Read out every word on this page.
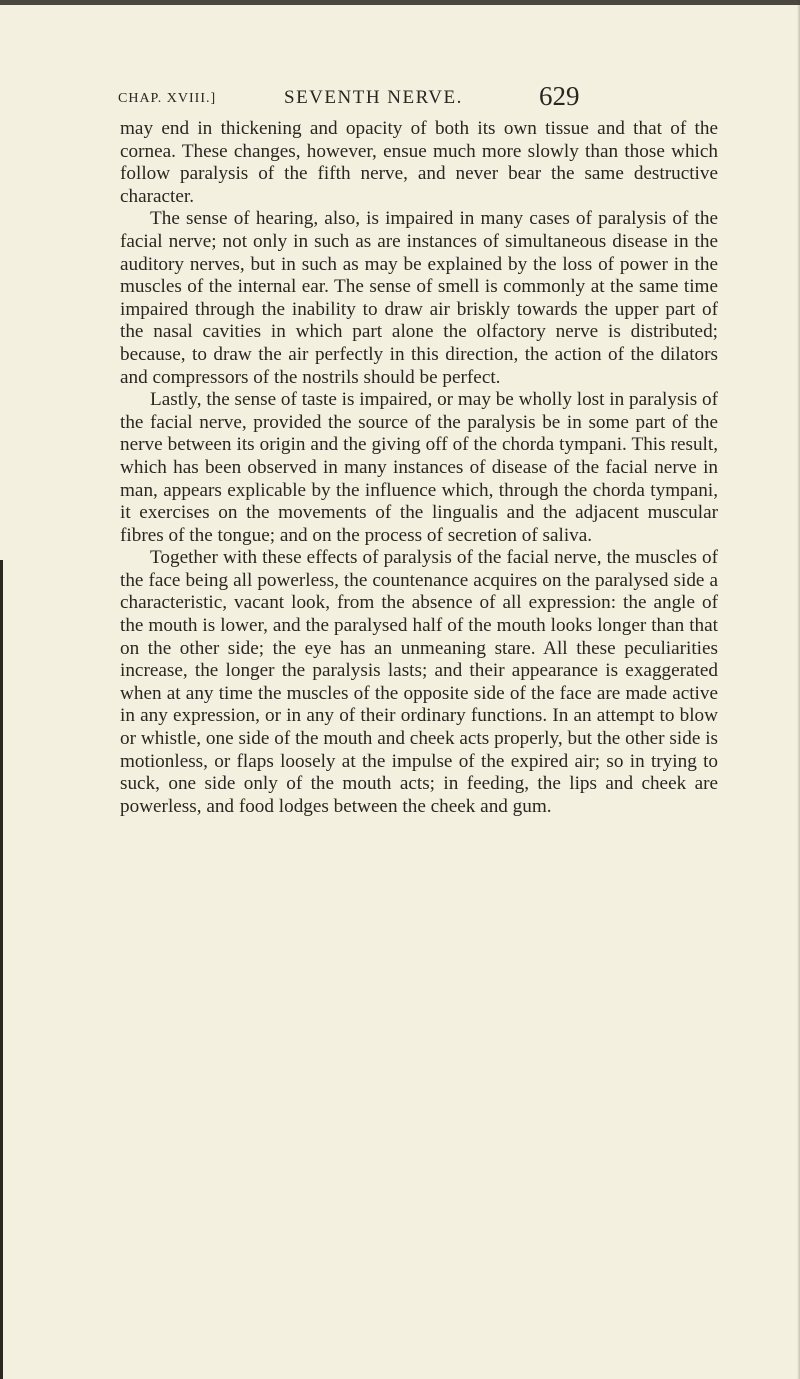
CHAP. XVIII.]	SEVENTH NERVE.	629

may end in thickening and opacity of both its own tissue and that of the cornea. These changes, however, ensue much more slowly than those which follow paralysis of the fifth nerve, and never bear the same destructive character.

The sense of hearing, also, is impaired in many cases of paralysis of the facial nerve; not only in such as are instances of simultaneous disease in the auditory nerves, but in such as may be explained by the loss of power in the muscles of the internal ear. The sense of smell is commonly at the same time impaired through the inability to draw air briskly towards the upper part of the nasal cavities in which part alone the olfactory nerve is distributed; because, to draw the air perfectly in this direction, the action of the dilators and compressors of the nostrils should be perfect.

Lastly, the sense of taste is impaired, or may be wholly lost in paralysis of the facial nerve, provided the source of the paralysis be in some part of the nerve between its origin and the giving off of the chorda tympani. This result, which has been observed in many instances of disease of the facial nerve in man, appears explicable by the influence which, through the chorda tympani, it exercises on the movements of the lingualis and the adjacent muscular fibres of the tongue; and on the process of secretion of saliva.

Together with these effects of paralysis of the facial nerve, the muscles of the face being all powerless, the countenance acquires on the paralysed side a characteristic, vacant look, from the absence of all expression: the angle of the mouth is lower, and the paralysed half of the mouth looks longer than that on the other side; the eye has an unmeaning stare. All these peculiarities increase, the longer the paralysis lasts; and their appearance is exaggerated when at any time the muscles of the opposite side of the face are made active in any expression, or in any of their ordinary functions. In an attempt to blow or whistle, one side of the mouth and cheek acts properly, but the other side is motionless, or flaps loosely at the impulse of the expired air; so in trying to suck, one side only of the mouth acts; in feeding, the lips and cheek are powerless, and food lodges between the cheek and gum.
